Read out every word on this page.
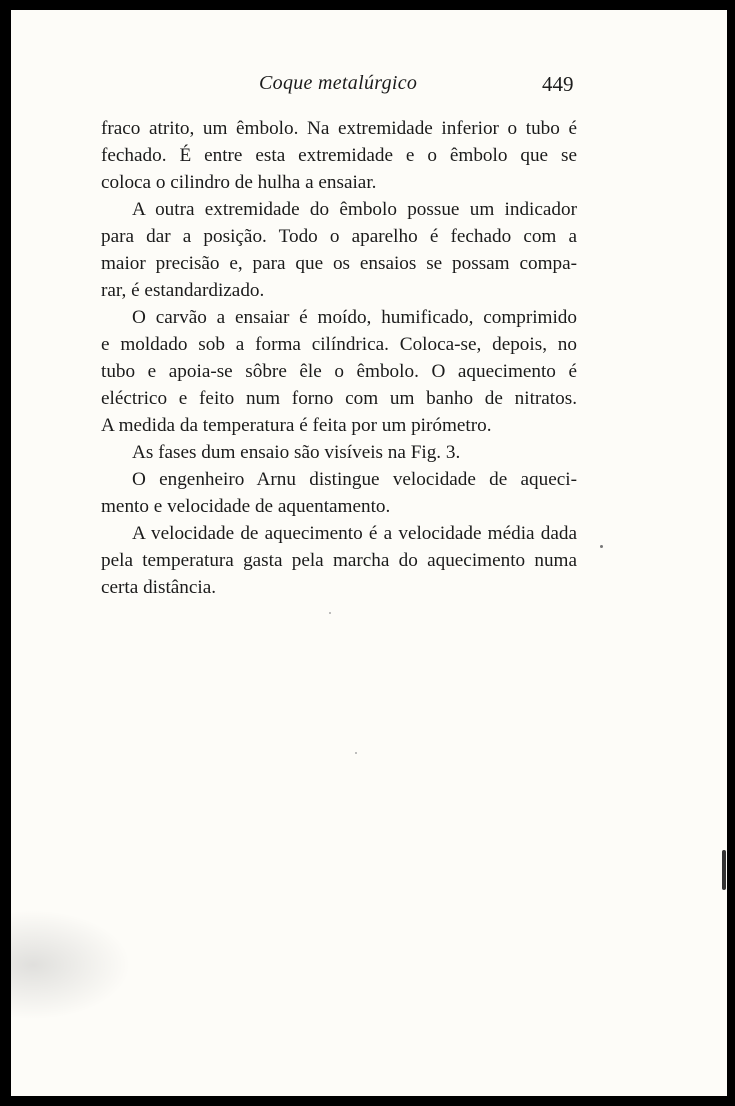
Coque metalúrgico	449
fraco atrito, um êmbolo. Na extremidade inferior o tubo é
fechado. É entre esta extremidade e o êmbolo que se
coloca o cilindro de hulha a ensaiar.
A outra extremidade do êmbolo possue um indicador
para dar a posição. Todo o aparelho é fechado com a
maior precisão e, para que os ensaios se possam compa-
rar, é estandardizado.
O carvão a ensaiar é moído, humificado, comprimido
e moldado sob a forma cilíndrica. Coloca-se, depois, no
tubo e apoia-se sôbre êle o êmbolo. O aquecimento é
eléctrico e feito num forno com um banho de nitratos.
A medida da temperatura é feita por um pirómetro.
As fases dum ensaio são visíveis na Fig. 3.
O engenheiro Arnu distingue velocidade de aqueci-
mento e velocidade de aquentamento.
A velocidade de aquecimento é a velocidade média dada
pela temperatura gasta pela marcha do aquecimento numa
certa distância.
